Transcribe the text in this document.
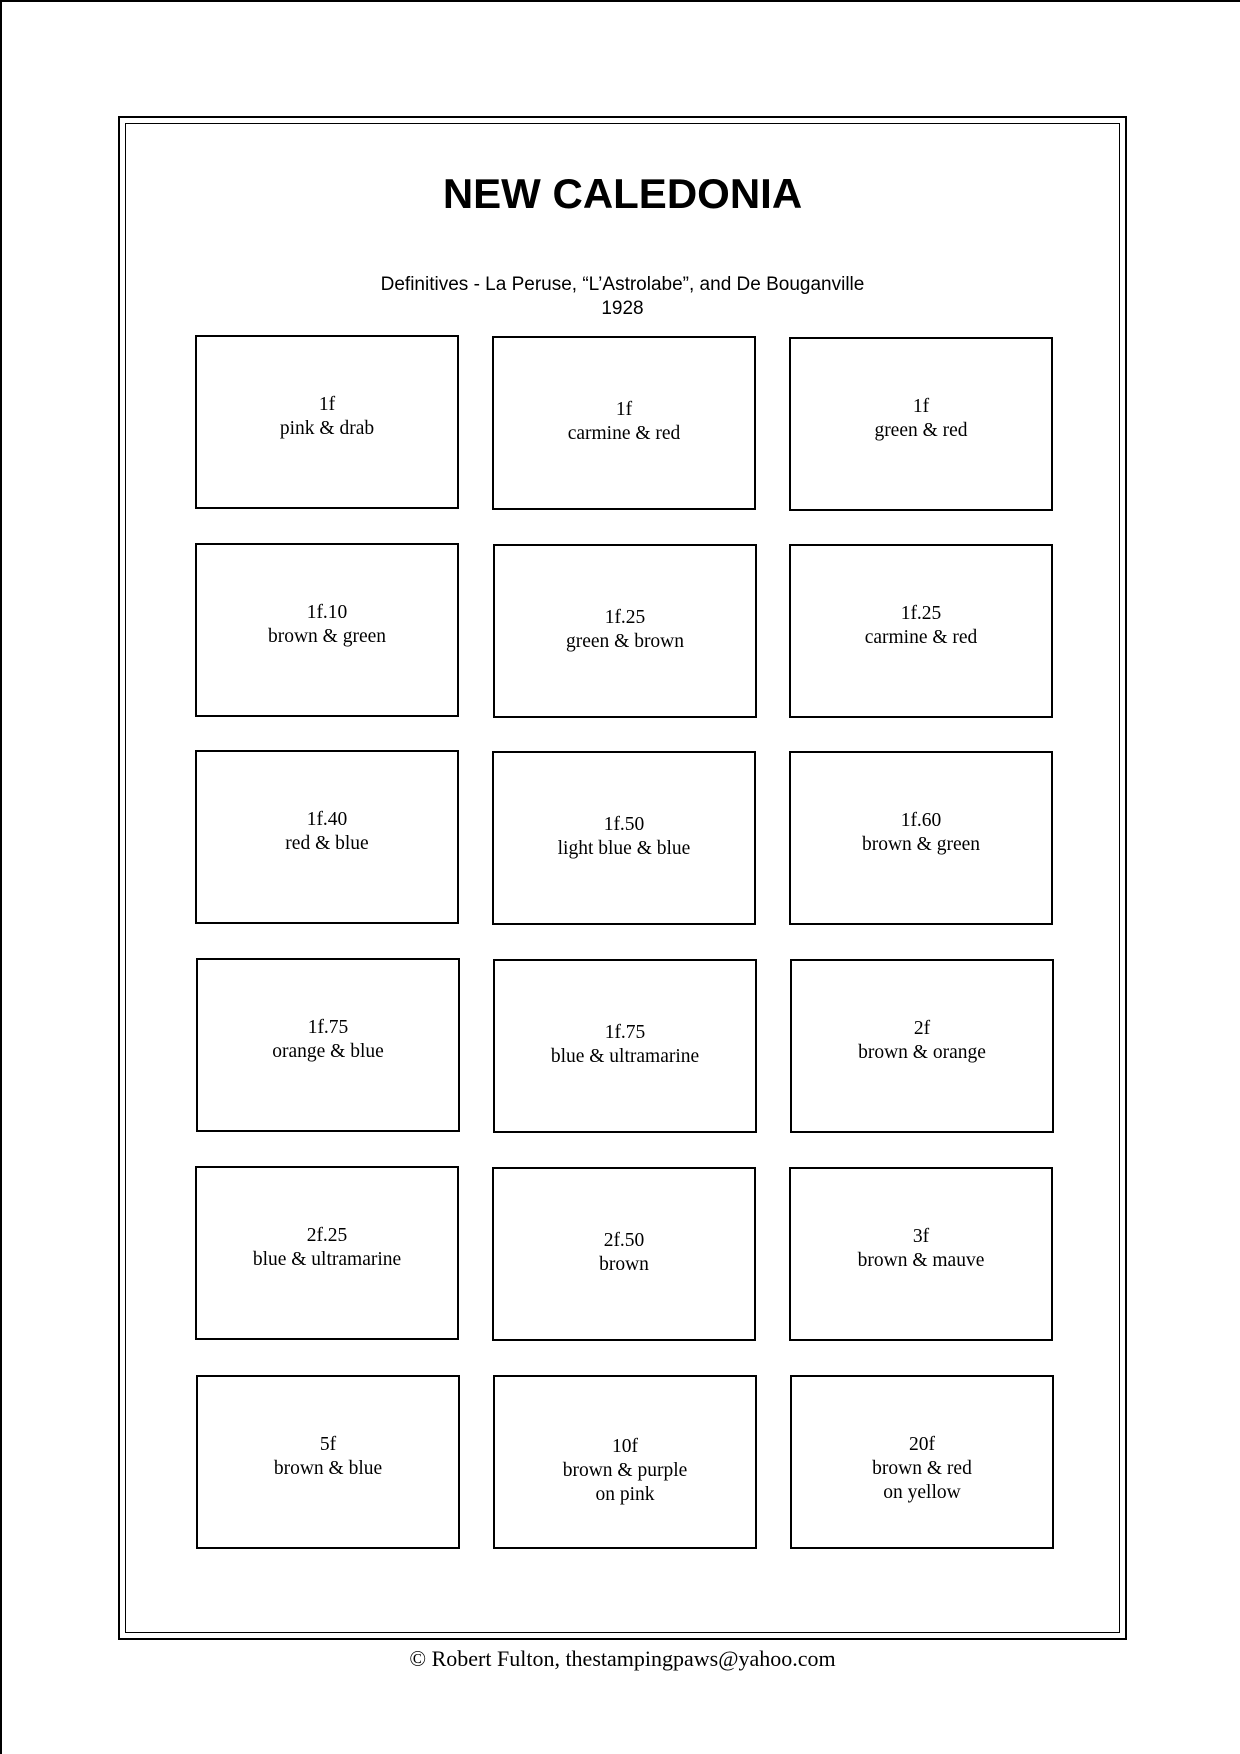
NEW CALEDONIA
Definitives - La Peruse, “L’Astrolabe”, and De Bouganville
1928
1f
pink & drab
1f
carmine & red
1f
green & red
1f.10
brown & green
1f.25
green & brown
1f.25
carmine & red
1f.40
red & blue
1f.50
light blue & blue
1f.60
brown & green
1f.75
orange & blue
1f.75
blue & ultramarine
2f
brown & orange
2f.25
blue & ultramarine
2f.50
brown
3f
brown & mauve
5f
brown & blue
10f
brown & purple
on pink
20f
brown & red
on yellow
© Robert Fulton, thestampingpaws@yahoo.com
